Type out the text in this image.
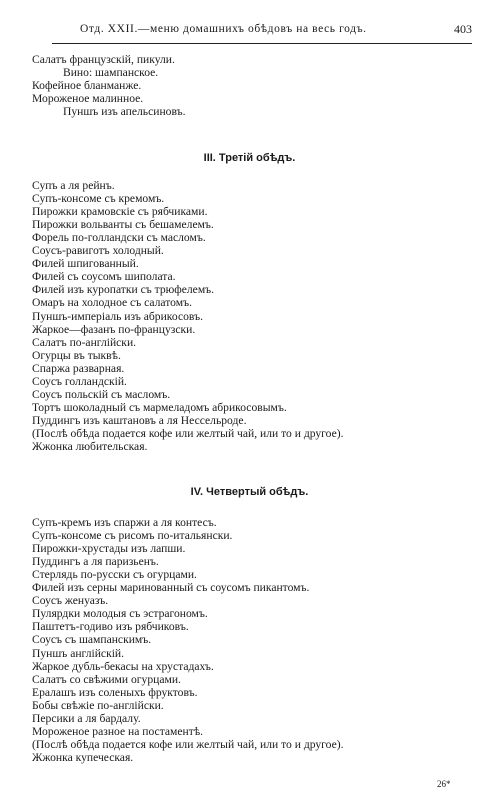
Отд. XXII.—меню домашнихъ обѣдовъ на весь годъ.	403
Салатъ французскій, пикули.
Вино: шампанское.
Кофейное бланманже.
Мороженое малинное.
Пуншъ изъ апельсиновъ.
III. Третій обѣдъ.
Супъ а ля рейнъ.
Супъ-консоме съ кремомъ.
Пирожки крамовскіе съ рябчиками.
Пирожки вольванты съ бешамелемъ.
Форель по-голландски съ масломъ.
Соусъ-равиготъ холодный.
Филей шпигованный.
Филей съ соусомъ шиполата.
Филей изъ куропатки съ трюфелемъ.
Омаръ на холодное съ салатомъ.
Пуншъ-имперіаль изъ абрикосовъ.
Жаркое—фазанъ по-французски.
Салатъ по-англійски.
Огурцы въ тыквѣ.
Спаржа разварная.
Соусъ голландскій.
Соусъ польскій съ масломъ.
Тортъ шоколадный съ мармеладомъ абрикосовымъ.
Пуддингъ изъ каштановъ а ля Нессельроде.
(Послѣ обѣда подается кофе или желтый чай, или то и другое).
Жжонка любительская.
IV. Четвертый обѣдъ.
Супъ-кремъ изъ спаржи а ля контесъ.
Супъ-консоме съ рисомъ по-итальянски.
Пирожки-хрустады изъ лапши.
Пуддингъ а ля паризьенъ.
Стерлядь по-русски съ огурцами.
Филей изъ серны маринованный съ соусомъ пикантомъ.
Соусъ женуазъ.
Пулярдки молодыя съ эстрагономъ.
Паштетъ-годиво изъ рябчиковъ.
Соусъ съ шампанскимъ.
Пуншъ англійскій.
Жаркое дубль-бекасы на хрустадахъ.
Салатъ со свѣжими огурцами.
Ералашъ изъ соленыхъ фруктовъ.
Бобы свѣжіе по-англійски.
Персики а ля бардалу.
Мороженое разное на постаментѣ.
(Послѣ обѣда подается кофе или желтый чай, или то и другое).
Жжонка купеческая.
26*
